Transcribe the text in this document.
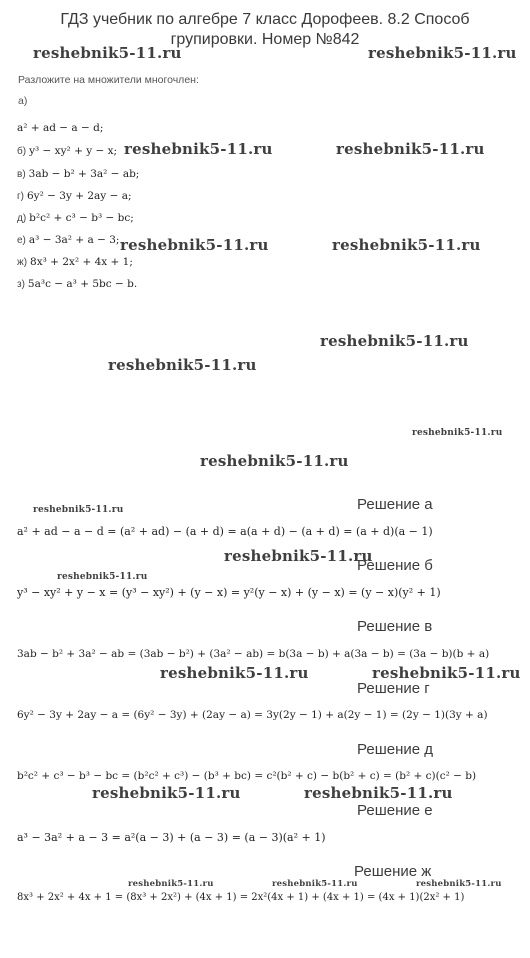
ГДЗ учебник по алгебре 7 класс Дорофеев. 8.2 Способ
групировки. Номер №842
Разложите на множители многочлен:
а)
a² + ad − a − d;
б) y³ − xy² + y − x;
в) 3ab − b² + 3a² − ab;
г) 6y² − 3y + 2ay − a;
д) b²c² + c³ − b³ − bc;
е) a³ − 3a² + a − 3;
ж) 8x³ + 2x² + 4x + 1;
з) 5a³c − a³ + 5bc − b.
Решение а
a² + ad − a − d = (a² + ad) − (a + d) = a(a + d) − (a + d) = (a + d)(a − 1)
Решение б
y³ − xy² + y − x = (y³ − xy²) + (y − x) = y²(y − x) + (y − x) = (y − x)(y² + 1)
Решение в
3ab − b² + 3a² − ab = (3ab − b²) + (3a² − ab) = b(3a − b) + a(3a − b) = (3a − b)(b + a)
Решение г
6y² − 3y + 2ay − a = (6y² − 3y) + (2ay − a) = 3y(2y − 1) + a(2y − 1) = (2y − 1)(3y + a)
Решение д
b²c² + c³ − b³ − bc = (b²c² + c³) − (b³ + bc) = c²(b² + c) − b(b² + c) = (b² + c)(c² − b)
Решение е
a³ − 3a² + a − 3 = a²(a − 3) + (a − 3) = (a − 3)(a² + 1)
Решение ж
8x³ + 2x² + 4x + 1 = (8x³ + 2x²) + (4x + 1) = 2x²(4x + 1) + (4x + 1) = (4x + 1)(2x² + 1)
reshebnik5-11.ru	reshebnik5-11.ru
reshebnik5-11.ru	reshebnik5-11.ru
reshebnik5-11.ru	reshebnik5-11.ru
reshebnik5-11.ru
reshebnik5-11.ru
reshebnik5-11.ru
reshebnik5-11.ru
reshebnik5-11.ru
reshebnik5-11.ru
reshebnik5-11.ru
reshebnik5-11.ru	reshebnik5-11.ru
reshebnik5-11.ru	reshebnik5-11.ru
reshebnik5-11.ru	reshebnik5-11.ru	reshebnik5-11.ru
